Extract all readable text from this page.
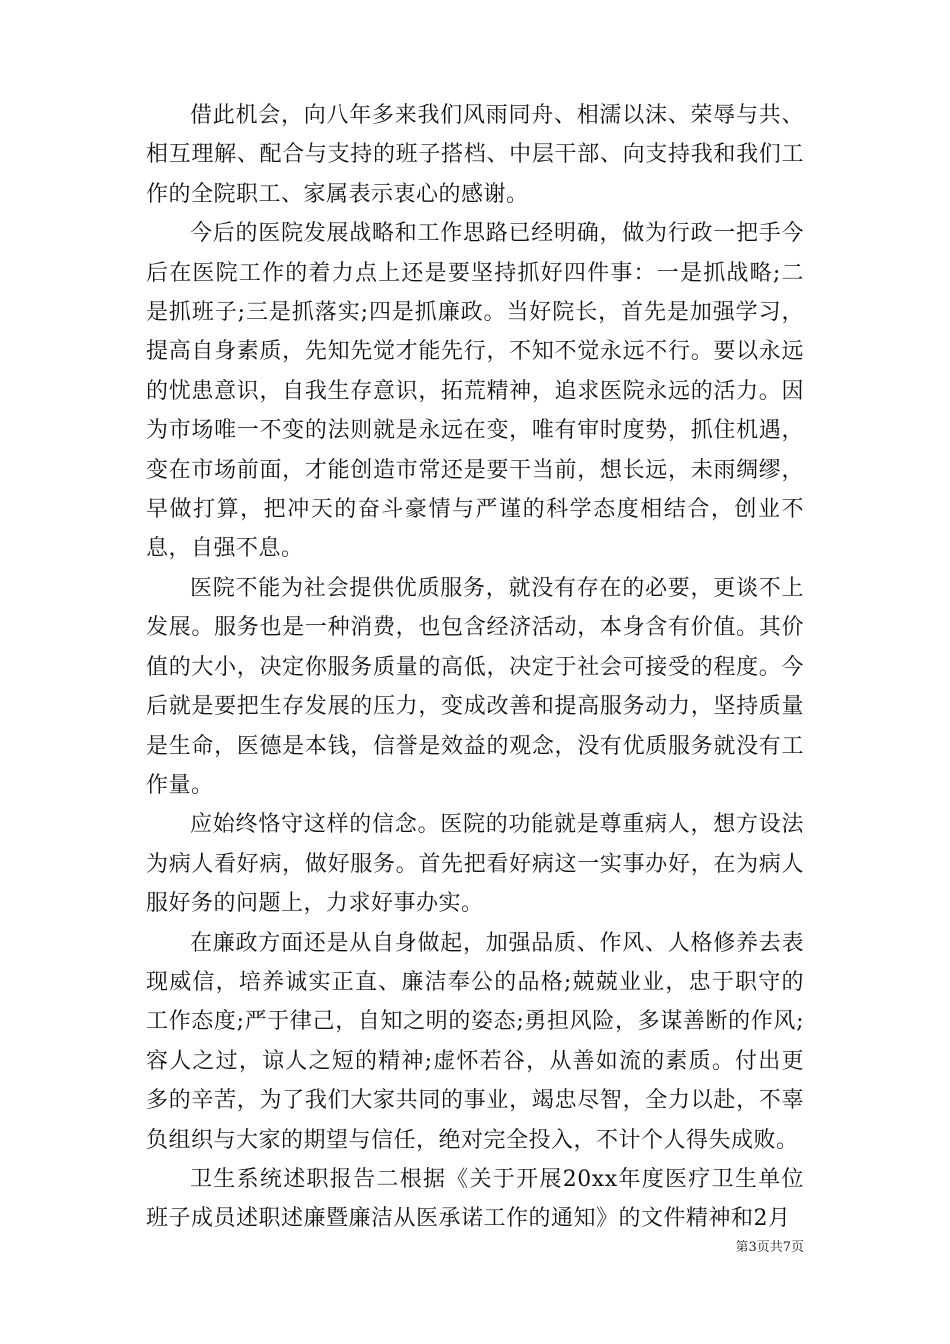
借此机会，向八年多来我们风雨同舟、相濡以沫、荣辱与共、相互理解、配合与支持的班子搭档、中层干部、向支持我和我们工作的全院职工、家属表示衷心的感谢。

今后的医院发展战略和工作思路已经明确，做为行政一把手今后在医院工作的着力点上还是要坚持抓好四件事：一是抓战略;二是抓班子;三是抓落实;四是抓廉政。当好院长，首先是加强学习，提高自身素质，先知先觉才能先行，不知不觉永远不行。要以永远的忧患意识，自我生存意识，拓荒精神，追求医院永远的活力。因为市场唯一不变的法则就是永远在变，唯有审时度势，抓住机遇，变在市场前面，才能创造市常还是要干当前，想长远，未雨绸缪，早做打算，把冲天的奋斗豪情与严谨的科学态度相结合，创业不息，自强不息。

医院不能为社会提供优质服务，就没有存在的必要，更谈不上发展。服务也是一种消费，也包含经济活动，本身含有价值。其价值的大小，决定你服务质量的高低，决定于社会可接受的程度。今后就是要把生存发展的压力，变成改善和提高服务动力，坚持质量是生命，医德是本钱，信誉是效益的观念，没有优质服务就没有工作量。

应始终恪守这样的信念。医院的功能就是尊重病人，想方设法为病人看好病，做好服务。首先把看好病这一实事办好，在为病人服好务的问题上，力求好事办实。

在廉政方面还是从自身做起，加强品质、作风、人格修养去表现威信，培养诚实正直、廉洁奉公的品格;兢兢业业，忠于职守的工作态度;严于律己，自知之明的姿态;勇担风险，多谋善断的作风;容人之过，谅人之短的精神;虚怀若谷，从善如流的素质。付出更多的辛苦，为了我们大家共同的事业，竭忠尽智，全力以赴，不辜负组织与大家的期望与信任，绝对完全投入，不计个人得失成败。

卫生系统述职报告二根据《关于开展20xx年度医疗卫生单位班子成员述职述廉暨廉洁从医承诺工作的通知》的文件精神和2月

第3页共7页
